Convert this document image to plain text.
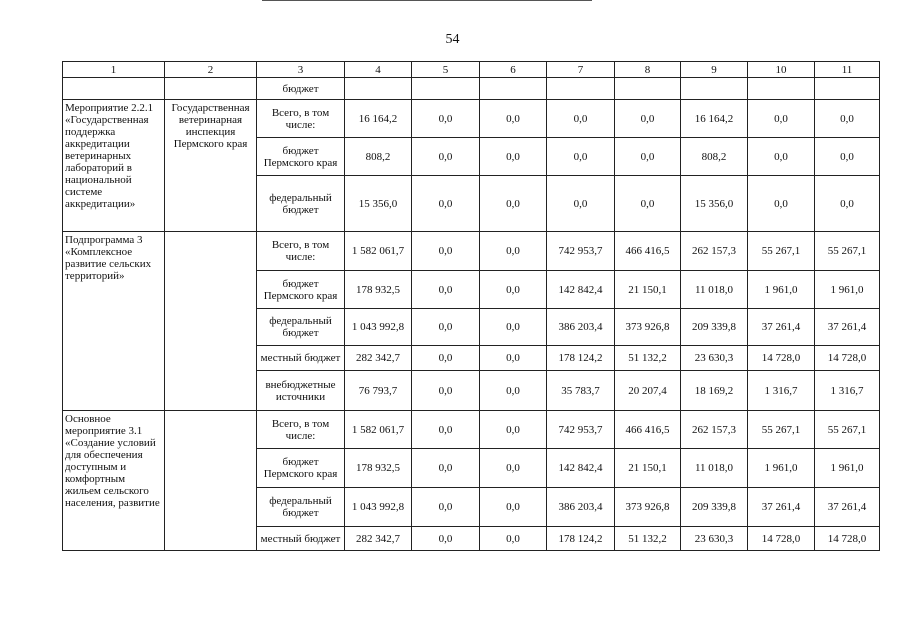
54
1	2	3	4	5	6	7	8	9	10	11
		бюджет								
Мероприятие 2.2.1 «Государственная поддержка аккредитации ветеринарных лабораторий в национальной системе аккредитации»	Государственная ветеринарная инспекция Пермского края	Всего, в том числе:	16 164,2	0,0	0,0	0,0	0,0	16 164,2	0,0	0,0
		бюджет Пермского края	808,2	0,0	0,0	0,0	0,0	808,2	0,0	0,0
		федеральный бюджет	15 356,0	0,0	0,0	0,0	0,0	15 356,0	0,0	0,0
Подпрограмма 3 «Комплексное развитие сельских территорий»		Всего, в том числе:	1 582 061,7	0,0	0,0	742 953,7	466 416,5	262 157,3	55 267,1	55 267,1
		бюджет Пермского края	178 932,5	0,0	0,0	142 842,4	21 150,1	11 018,0	1 961,0	1 961,0
		федеральный бюджет	1 043 992,8	0,0	0,0	386 203,4	373 926,8	209 339,8	37 261,4	37 261,4
		местный бюджет	282 342,7	0,0	0,0	178 124,2	51 132,2	23 630,3	14 728,0	14 728,0
		внебюджетные источники	76 793,7	0,0	0,0	35 783,7	20 207,4	18 169,2	1 316,7	1 316,7
Основное мероприятие 3.1 «Создание условий для обеспечения доступным и комфортным жильем сельского населения, развитие		Всего, в том числе:	1 582 061,7	0,0	0,0	742 953,7	466 416,5	262 157,3	55 267,1	55 267,1
		бюджет Пермского края	178 932,5	0,0	0,0	142 842,4	21 150,1	11 018,0	1 961,0	1 961,0
		федеральный бюджет	1 043 992,8	0,0	0,0	386 203,4	373 926,8	209 339,8	37 261,4	37 261,4
		местный бюджет	282 342,7	0,0	0,0	178 124,2	51 132,2	23 630,3	14 728,0	14 728,0
